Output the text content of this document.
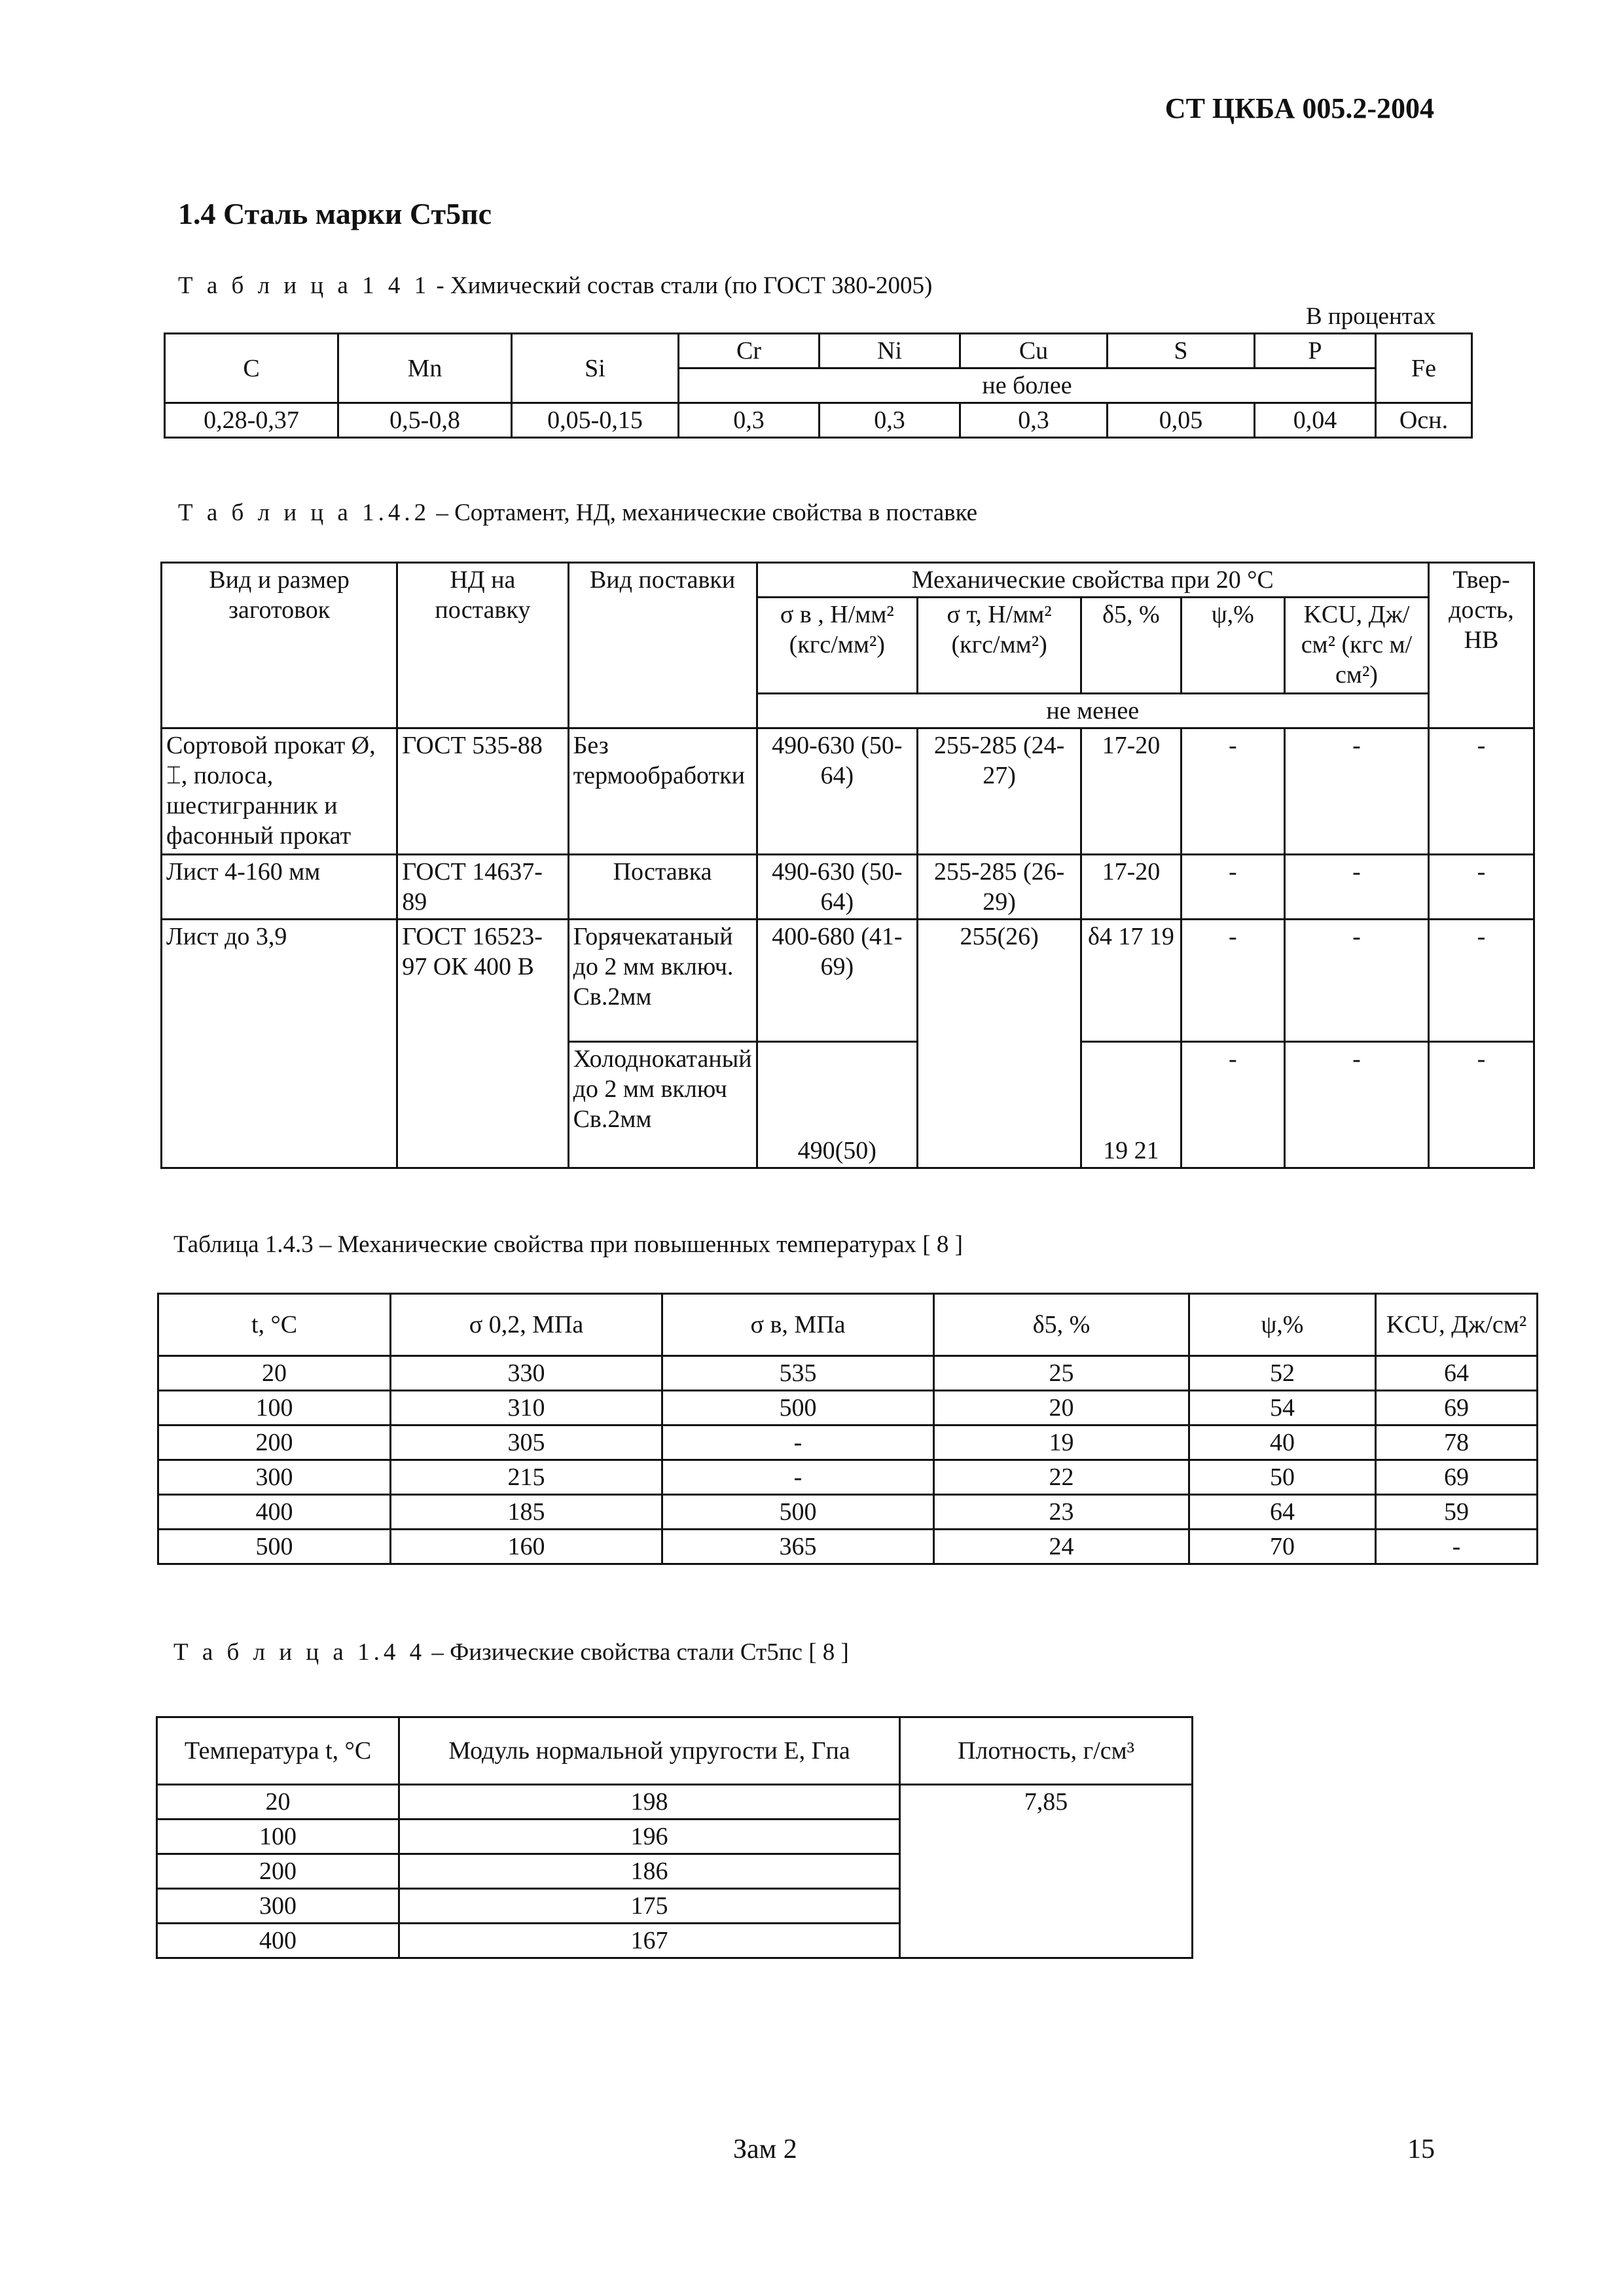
СТ ЦКБА 005.2-2004
1.4 Сталь марки Ст5пс
Т а б л и ц а 1 4 1 - Химический состав стали (по ГОСТ 380-2005)
В процентах
C	Mn	Si	Cr	Ni	Cu	S	P	Fe
			не более					
0,28-0,37	0,5-0,8	0,05-0,15	0,3	0,3	0,3	0,05	0,04	Осн.
Т а б л и ц а 1.4.2 – Сортамент, НД, механические свойства в поставке
Вид и размер заготовок	НД на поставку	Вид поставки	Механические свойства при 20 °С					Твер-дость, НВ
			σ в , Н/мм² (кгс/мм²)	σ т, Н/мм² (кгс/мм²)	δ5, %	ψ,%	KCU, Дж/см² (кгс м/см²)	
			не менее					
Сортовой прокат Ø, ⌶, полоса, шестигранник и фасонный прокат	ГОСТ 535-88	Без термообработки	490-630 (50-64)	255-285 (24-27)	17-20	-	-	-
Лист 4-160 мм	ГОСТ 14637-89	Поставка	490-630 (50-64)	255-285 (26-29)	17-20	-	-	-
Лист до 3,9	ГОСТ 16523-97 ОК 400 В	Горячекатаный до 2 мм включ. Св.2мм	400-680 (41-69)	255(26)	δ4 17 19	-	-	-
		Холоднокатаный до 2 мм включ Св.2мм	490(50)		19 21	-	-	-
Таблица 1.4.3 – Механические свойства при повышенных температурах [ 8 ]
t, °С	σ 0,2, МПа	σ в, МПа	δ5, %	ψ,%	KCU, Дж/см²
20	330	535	25	52	64
100	310	500	20	54	69
200	305	-	19	40	78
300	215	-	22	50	69
400	185	500	23	64	59
500	160	365	24	70	-
Т а б л и ц а 1.4 4 – Физические свойства стали Ст5пс [ 8 ]
Температура t, °С	Модуль нормальной упругости Е, Гпа	Плотность, г/см³
20	198	7,85
100	196	
200	186	
300	175	
400	167	
Зам 2	15
